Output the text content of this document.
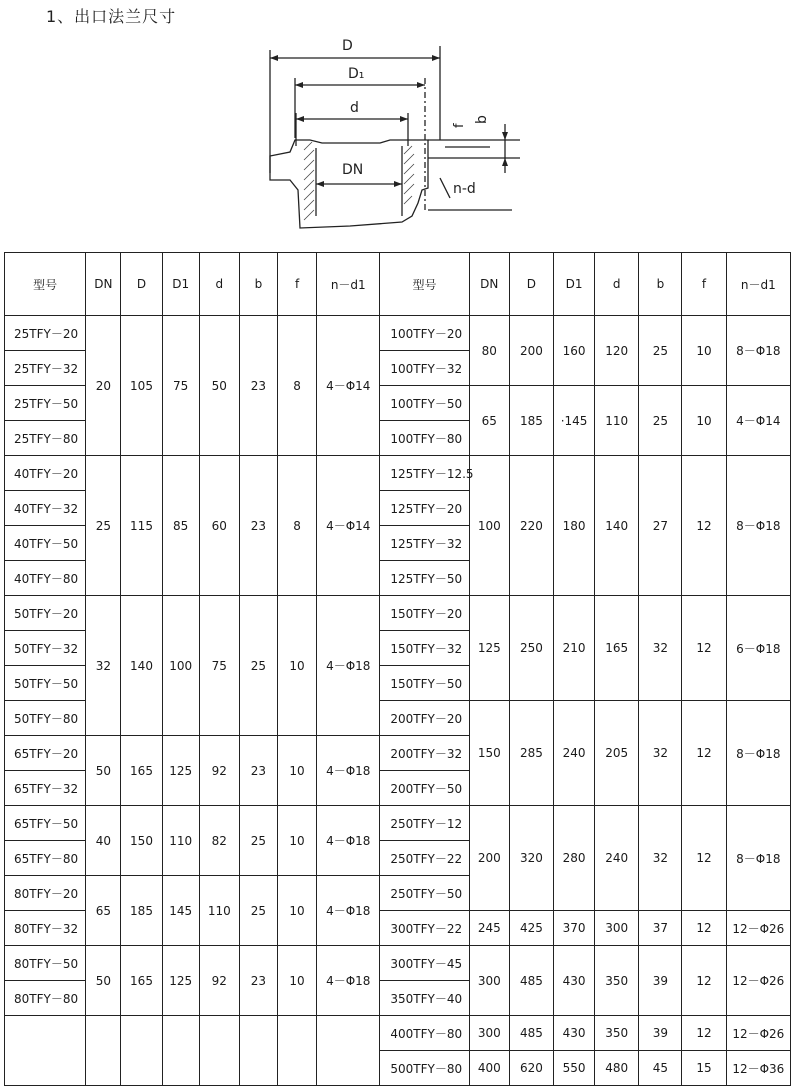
1、出口法兰尺寸
D
D₁
d
DN
f
b
n-d
型号	DN	D	D1	d	b	f	n－d1	型号	DN	D	D1	d	b	f	n－d1
25TFY－20	20	105	75	50	23	8	4－Φ14	100TFY－20	80	200	160	120	25	10	8－Φ18
25TFY－32								100TFY－32							
25TFY－50								100TFY－50	65	185	·145	110	25	10	4－Φ14
25TFY－80								100TFY－80							
40TFY－20	25	115	85	60	23	8	4－Φ14	125TFY－12.5	100	220	180	140	27	12	8－Φ18
40TFY－32								125TFY－20							
40TFY－50								125TFY－32							
40TFY－80								125TFY－50							
50TFY－20	32	140	100	75	25	10	4－Φ18	150TFY－20	125	250	210	165	32	12	6－Φ18
50TFY－32								150TFY－32							
50TFY－50								150TFY－50							
50TFY－80								200TFY－20	150	285	240	205	32	12	8－Φ18
65TFY－20	50	165	125	92	23	10	4－Φ18	200TFY－32							
65TFY－32								200TFY－50							
65TFY－50	40	150	110	82	25	10	4－Φ18	250TFY－12	200	320	280	240	32	12	8－Φ18
65TFY－80								250TFY－22							
80TFY－20	65	185	145	110	25	10	4－Φ18	250TFY－50							
80TFY－32								300TFY－22	245	425	370	300	37	12	12－Φ26
80TFY－50	50	165	125	92	23	10	4－Φ18	300TFY－45	300	485	430	350	39	12	12－Φ26
80TFY－80								350TFY－40							
								400TFY－80	300	485	430	350	39	12	12－Φ26
								500TFY－80	400	620	550	480	45	15	12－Φ36
